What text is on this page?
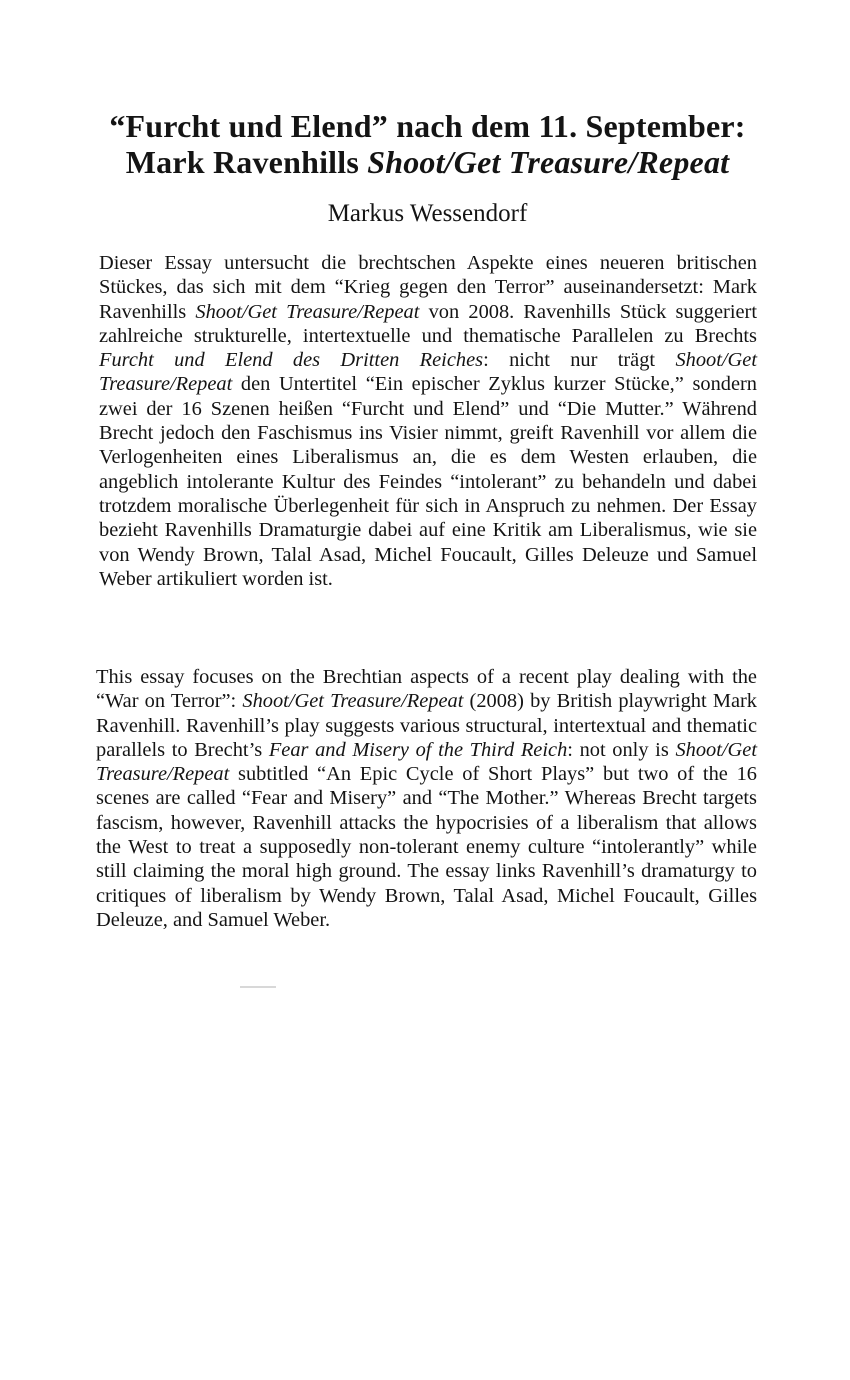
“Furcht und Elend” nach dem 11. September:
Mark Ravenhills Shoot/Get Treasure/Repeat
Markus Wessendorf

Dieser Essay untersucht die brechtschen Aspekte eines neueren britischen Stückes, das sich mit dem “Krieg gegen den Terror” auseinandersetzt: Mark Ravenhills Shoot/Get Treasure/Repeat von 2008. Ravenhills Stück suggeriert zahlreiche strukturelle, intertextuelle und thematische Parallelen zu Brechts Furcht und Elend des Dritten Reiches: nicht nur trägt Shoot/Get Treasure/Repeat den Untertitel “Ein epischer Zyklus kurzer Stücke,” sondern zwei der 16 Szenen heißen “Furcht und Elend” und “Die Mutter.” Während Brecht jedoch den Faschismus ins Visier nimmt, greift Ravenhill vor allem die Verlogenheiten eines Liberalismus an, die es dem Westen erlauben, die angeblich intolerante Kultur des Feindes “intolerant” zu behandeln und dabei trotzdem moralische Überlegenheit für sich in Anspruch zu nehmen. Der Essay bezieht Ravenhills Dramaturgie dabei auf eine Kritik am Liberalismus, wie sie von Wendy Brown, Talal Asad, Michel Foucault, Gilles Deleuze und Samuel Weber artikuliert worden ist.

This essay focuses on the Brechtian aspects of a recent play dealing with the “War on Terror”: Shoot/Get Treasure/Repeat (2008) by British playwright Mark Ravenhill. Ravenhill’s play suggests various structural, intertextual and thematic parallels to Brecht’s Fear and Misery of the Third Reich: not only is Shoot/Get Treasure/Repeat subtitled “An Epic Cycle of Short Plays” but two of the 16 scenes are called “Fear and Misery” and “The Mother.” Whereas Brecht targets fascism, however, Ravenhill attacks the hypocrisies of a liberalism that allows the West to treat a supposedly non-tolerant enemy culture “intolerantly” while still claiming the moral high ground. The essay links Ravenhill’s dramaturgy to critiques of liberalism by Wendy Brown, Talal Asad, Michel Foucault, Gilles Deleuze, and Samuel Weber.
